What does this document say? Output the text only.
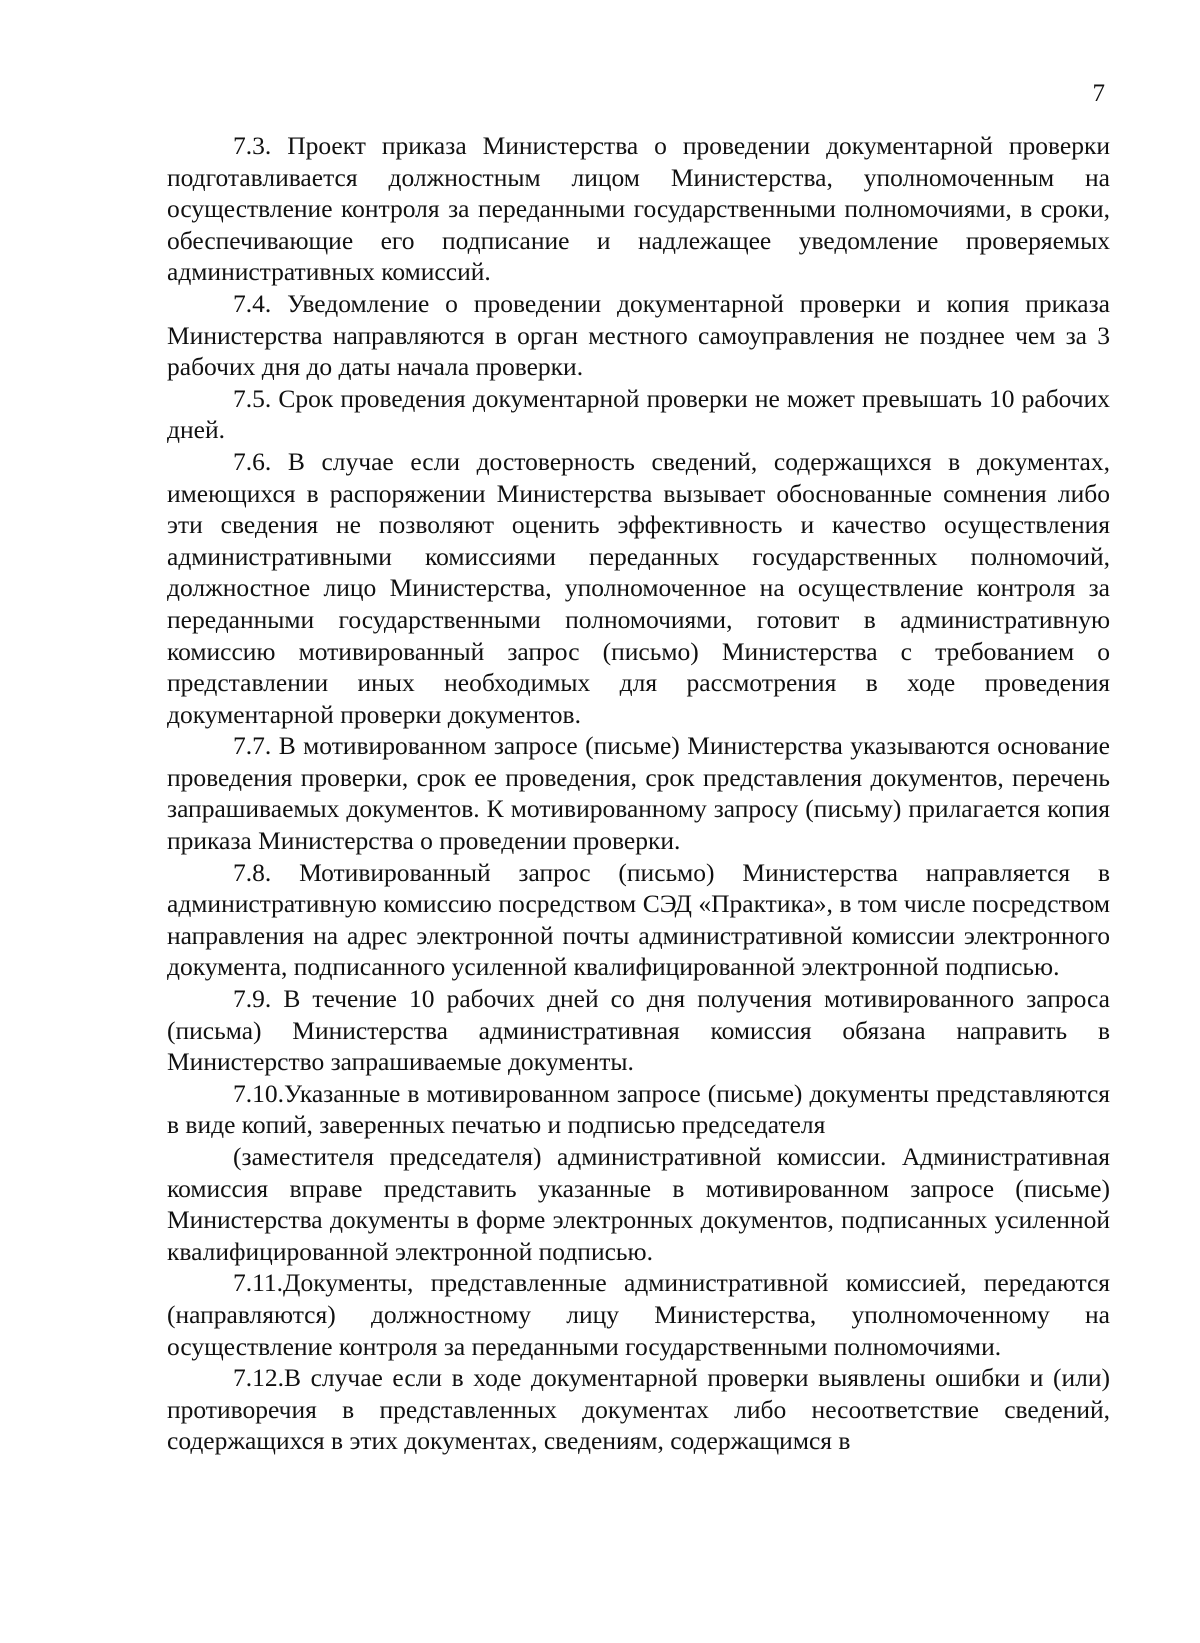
7

7.3. Проект приказа Министерства о проведении документарной проверки подготавливается должностным лицом Министерства, уполномоченным на осуществление контроля за переданными государственными полномочиями, в сроки, обеспечивающие его подписание и надлежащее уведомление проверяемых административных комиссий.

7.4. Уведомление о проведении документарной проверки и копия приказа Министерства направляются в орган местного самоуправления не позднее чем за 3 рабочих дня до даты начала проверки.

7.5. Срок проведения документарной проверки не может превышать 10 рабочих дней.

7.6. В случае если достоверность сведений, содержащихся в документах, имеющихся в распоряжении Министерства вызывает обоснованные сомнения либо эти сведения не позволяют оценить эффективность и качество осуществления административными комиссиями переданных государственных полномочий, должностное лицо Министерства, уполномоченное на осуществление контроля за переданными государственными полномочиями, готовит в административную комиссию мотивированный запрос (письмо) Министерства с требованием о представлении иных необходимых для рассмотрения в ходе проведения документарной проверки документов.

7.7. В мотивированном запросе (письме) Министерства указываются основание проведения проверки, срок ее проведения, срок представления документов, перечень запрашиваемых документов. К мотивированному запросу (письму) прилагается копия приказа Министерства о проведении проверки.

7.8. Мотивированный запрос (письмо) Министерства направляется в административную комиссию посредством СЭД «Практика», в том числе посредством направления на адрес электронной почты административной комиссии электронного документа, подписанного усиленной квалифицированной электронной подписью.

7.9. В течение 10 рабочих дней со дня получения мотивированного запроса (письма) Министерства административная комиссия обязана направить в Министерство запрашиваемые документы.

7.10.Указанные в мотивированном запросе (письме) документы представляются в виде копий, заверенных печатью и подписью председателя

(заместителя председателя) административной комиссии. Административная комиссия вправе представить указанные в мотивированном запросе (письме) Министерства документы в форме электронных документов, подписанных усиленной квалифицированной электронной подписью.

7.11.Документы, представленные административной комиссией, передаются (направляются) должностному лицу Министерства, уполномоченному на осуществление контроля за переданными государственными полномочиями.

7.12.В случае если в ходе документарной проверки выявлены ошибки и (или) противоречия в представленных документах либо несоответствие сведений, содержащихся в этих документах, сведениям, содержащимся в
